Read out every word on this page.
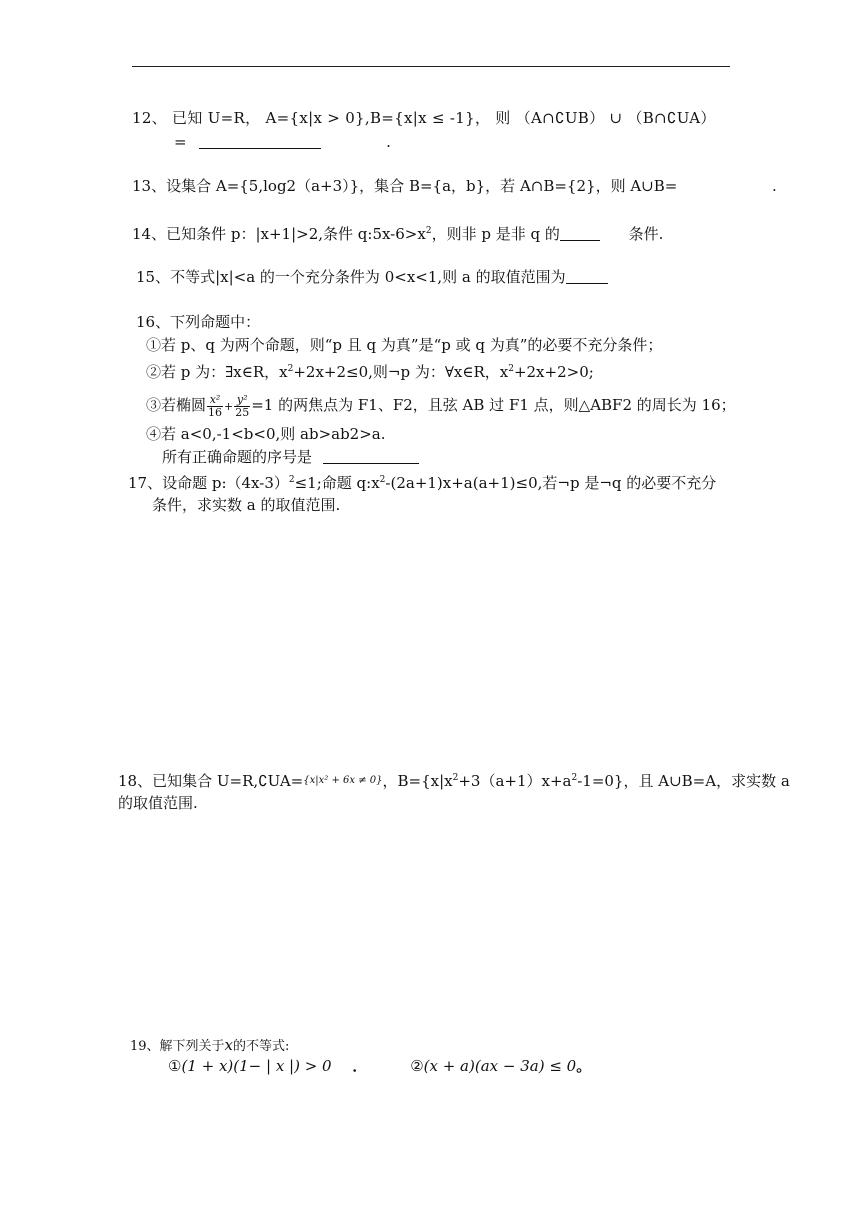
12、 已知 U=R， A={x|x > 0},B={x|x ≤ -1}， 则 （A∩∁UB） ∪ （B∩∁UA）
=	.
13、设集合 A={5,log2（a+3）}，集合 B={a，b}，若 A∩B={2}，则 A∪B=	.
14、已知条件 p：|x+1|>2,条件 $q:5x-6>x^2$，则非 p 是非 q 的	条件.
15、不等式|x|<a 的一个充分条件为 0<x<1,则 a 的取值范围为
16、下列命题中：
①若 p、q 为两个命题，则“p 且 q 为真”是“p 或 q 为真”的必要不充分条件；
②若 p 为：∃x∈R，$x^2+2x+2\le 0$,则¬p 为：∀x∈R，$x^2+2x+2>0$;
③若椭圆 $\frac{\text{x²}}{16} + \frac{\text{y²}}{25} =1$ 的两焦点为 F1、F2，且弦 AB 过 F1 点，则△ABF2 的周长为 16；
④若 a<0,-1<b<0,则 ab>ab2>a.
所有正确命题的序号是
17、设命题 $p:(4x-3)^2\le 1$;命题 $q:x^2-(2a+1)x+a(a+1)\le 0$,若¬p 是¬q 的必要不充分
条件，求实数 a 的取值范围.
18、已知集合 U=R,∁UA=$^{\{x|x^2 + 6x \ne 0\}}$，$B=\{x|x^2+3(a+1)x+a^2-1=0\}$，且 A∪B=A，求实数 a
的取值范围.
19、解下列关于x的不等式:
①(1 + x)(1− | x |) > 0 ．	②(x + a)(ax − 3a) ≤ 0。
